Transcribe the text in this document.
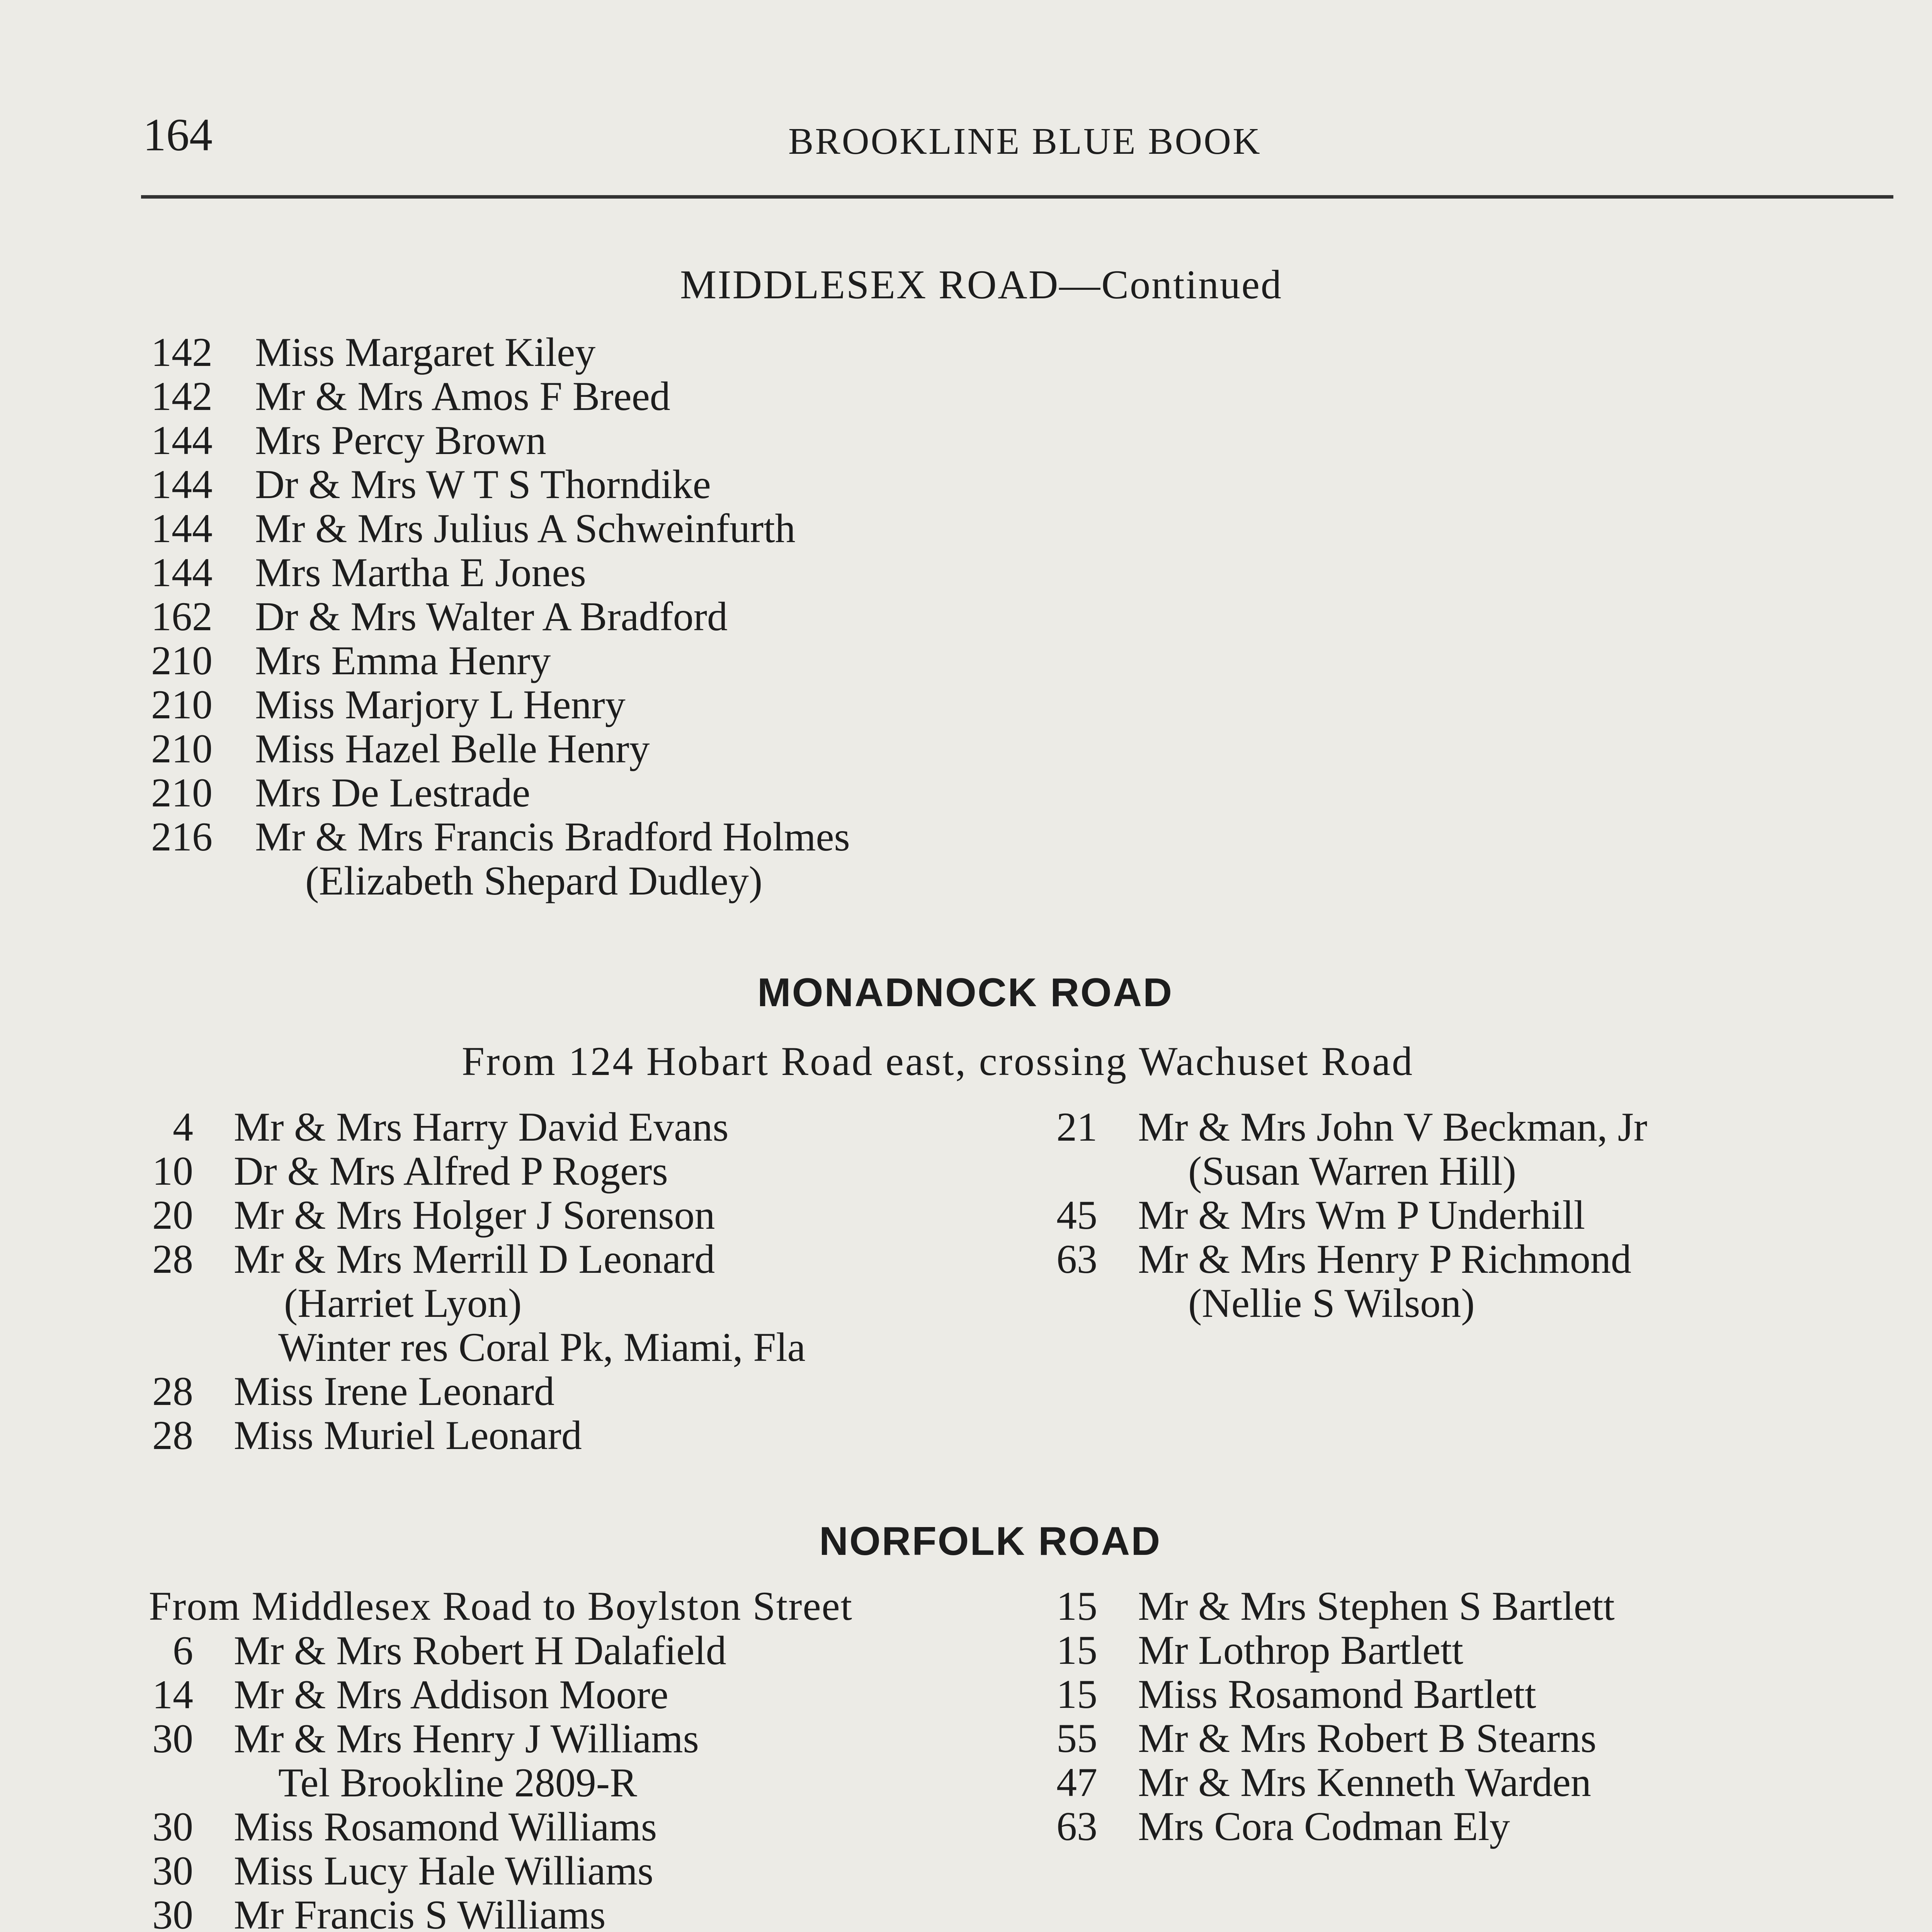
164	BROOKLINE BLUE BOOK
MIDDLESEX ROAD—Continued
142 Miss Margaret Kiley
142 Mr & Mrs Amos F Breed
144 Mrs Percy Brown
144 Dr & Mrs W T S Thorndike
144 Mr & Mrs Julius A Schweinfurth
144 Mrs Martha E Jones
162 Dr & Mrs Walter A Bradford
210 Mrs Emma Henry
210 Miss Marjory L Henry
210 Miss Hazel Belle Henry
210 Mrs De Lestrade
216 Mr & Mrs Francis Bradford Holmes
(Elizabeth Shepard Dudley)
MONADNOCK ROAD
From 124 Hobart Road east, crossing Wachuset Road
4 Mr & Mrs Harry David Evans
10 Dr & Mrs Alfred P Rogers
20 Mr & Mrs Holger J Sorenson
28 Mr & Mrs Merrill D Leonard
(Harriet Lyon)
Winter res Coral Pk, Miami, Fla
28 Miss Irene Leonard
28 Miss Muriel Leonard
21 Mr & Mrs John V Beckman, Jr
(Susan Warren Hill)
45 Mr & Mrs Wm P Underhill
63 Mr & Mrs Henry P Richmond
(Nellie S Wilson)
NORFOLK ROAD
From Middlesex Road to Boylston Street
6 Mr & Mrs Robert H Dalafield
14 Mr & Mrs Addison Moore
30 Mr & Mrs Henry J Williams
Tel Brookline 2809-R
30 Miss Rosamond Williams
30 Miss Lucy Hale Williams
30 Mr Francis S Williams
15 Mr & Mrs Stephen S Bartlett
15 Mr Lothrop Bartlett
15 Miss Rosamond Bartlett
55 Mr & Mrs Robert B Stearns
47 Mr & Mrs Kenneth Warden
63 Mrs Cora Codman Ely
